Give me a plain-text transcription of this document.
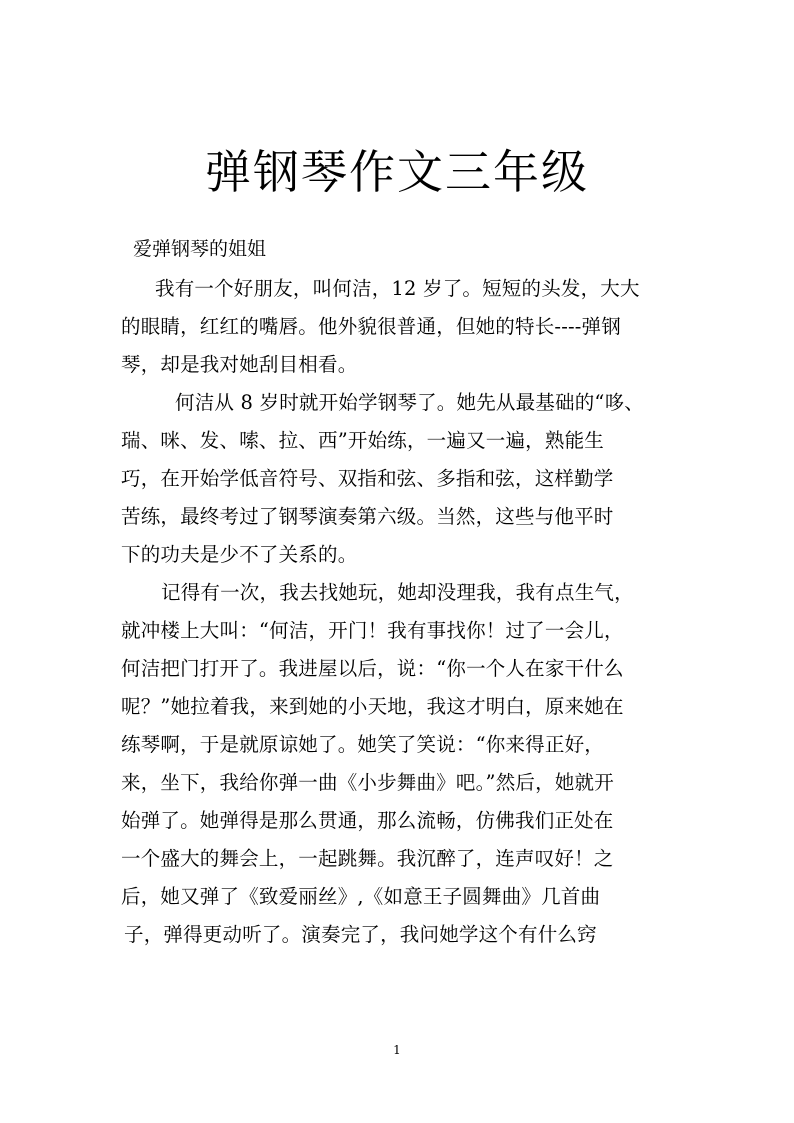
弹钢琴作文三年级
爱弹钢琴的姐姐
我有一个好朋友，叫何洁，12 岁了。短短的头发，大大
的眼睛，红红的嘴唇。他外貌很普通，但她的特长----弹钢
琴，却是我对她刮目相看。
何洁从 8 岁时就开始学钢琴了。她先从最基础的“哆、
瑞、咪、发、嗦、拉、西”开始练，一遍又一遍，熟能生
巧，在开始学低音符号、双指和弦、多指和弦，这样勤学
苦练，最终考过了钢琴演奏第六级。当然，这些与他平时
下的功夫是少不了关系的。
记得有一次，我去找她玩，她却没理我，我有点生气，
就冲楼上大叫：“何洁，开门！我有事找你！过了一会儿，
何洁把门打开了。我进屋以后，说：“你一个人在家干什么
呢？”她拉着我，来到她的小天地，我这才明白，原来她在
练琴啊，于是就原谅她了。她笑了笑说：“你来得正好，
来，坐下，我给你弹一曲《小步舞曲》吧。”然后，她就开
始弹了。她弹得是那么贯通，那么流畅，仿佛我们正处在
一个盛大的舞会上，一起跳舞。我沉醉了，连声叹好！之
后，她又弹了《致爱丽丝》,《如意王子圆舞曲》几首曲
子，弹得更动听了。演奏完了，我问她学这个有什么窍
1
